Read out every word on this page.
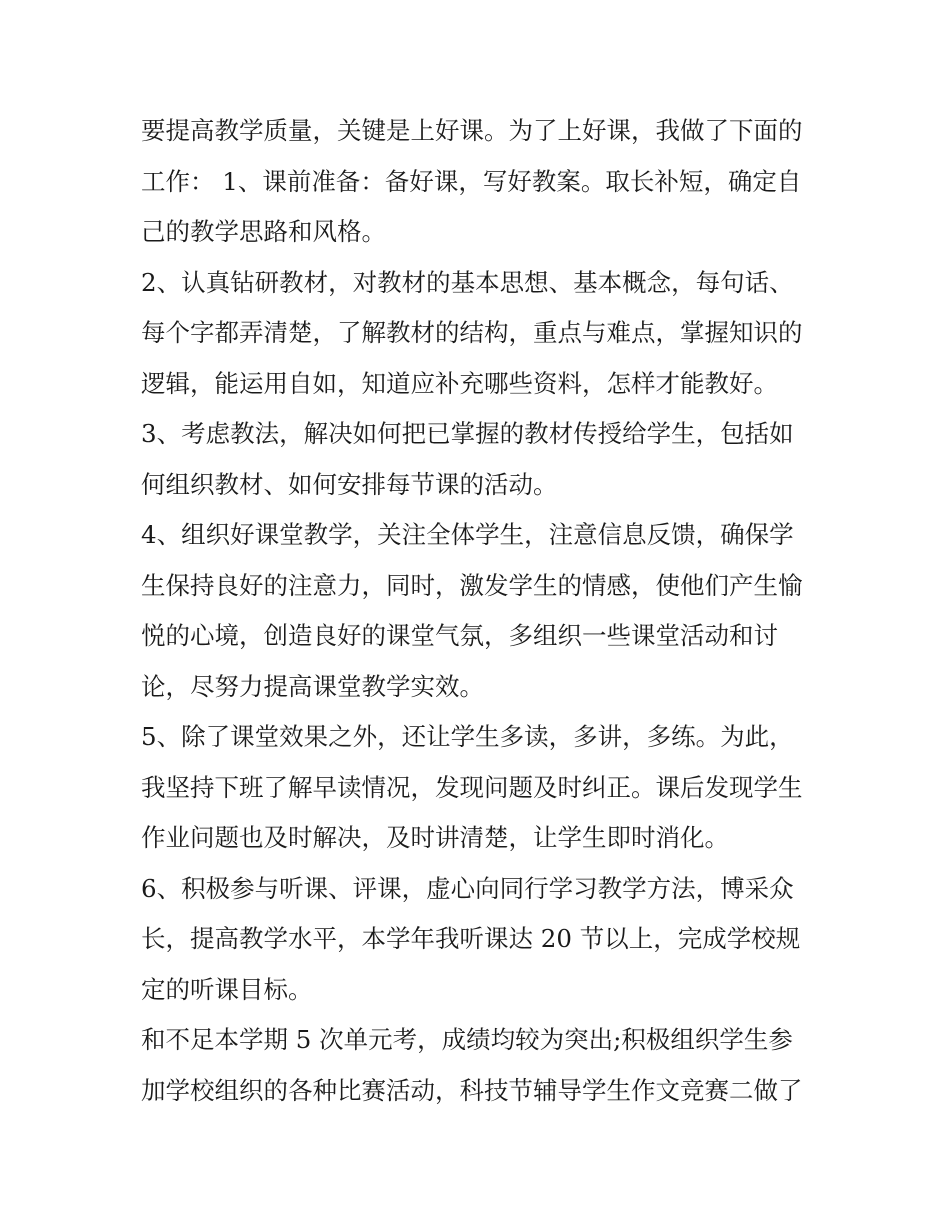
要提高教学质量，关键是上好课。为了上好课，我做了下面的
工作： 1、课前准备：备好课，写好教案。取长补短，确定自
己的教学思路和风格。
2、认真钻研教材，对教材的基本思想、基本概念，每句话、
每个字都弄清楚，了解教材的结构，重点与难点，掌握知识的
逻辑，能运用自如，知道应补充哪些资料，怎样才能教好。
3、考虑教法，解决如何把已掌握的教材传授给学生，包括如
何组织教材、如何安排每节课的活动。
4、组织好课堂教学，关注全体学生，注意信息反馈，确保学
生保持良好的注意力，同时，激发学生的情感，使他们产生愉
悦的心境，创造良好的课堂气氛，多组织一些课堂活动和讨
论，尽努力提高课堂教学实效。
5、除了课堂效果之外，还让学生多读，多讲，多练。为此，
我坚持下班了解早读情况，发现问题及时纠正。课后发现学生
作业问题也及时解决，及时讲清楚，让学生即时消化。
6、积极参与听课、评课，虚心向同行学习教学方法，博采众
长，提高教学水平，本学年我听课达 20 节以上，完成学校规
定的听课目标。
和不足本学期 5 次单元考，成绩均较为突出;积极组织学生参
加学校组织的各种比赛活动，科技节辅导学生作文竞赛二做了
